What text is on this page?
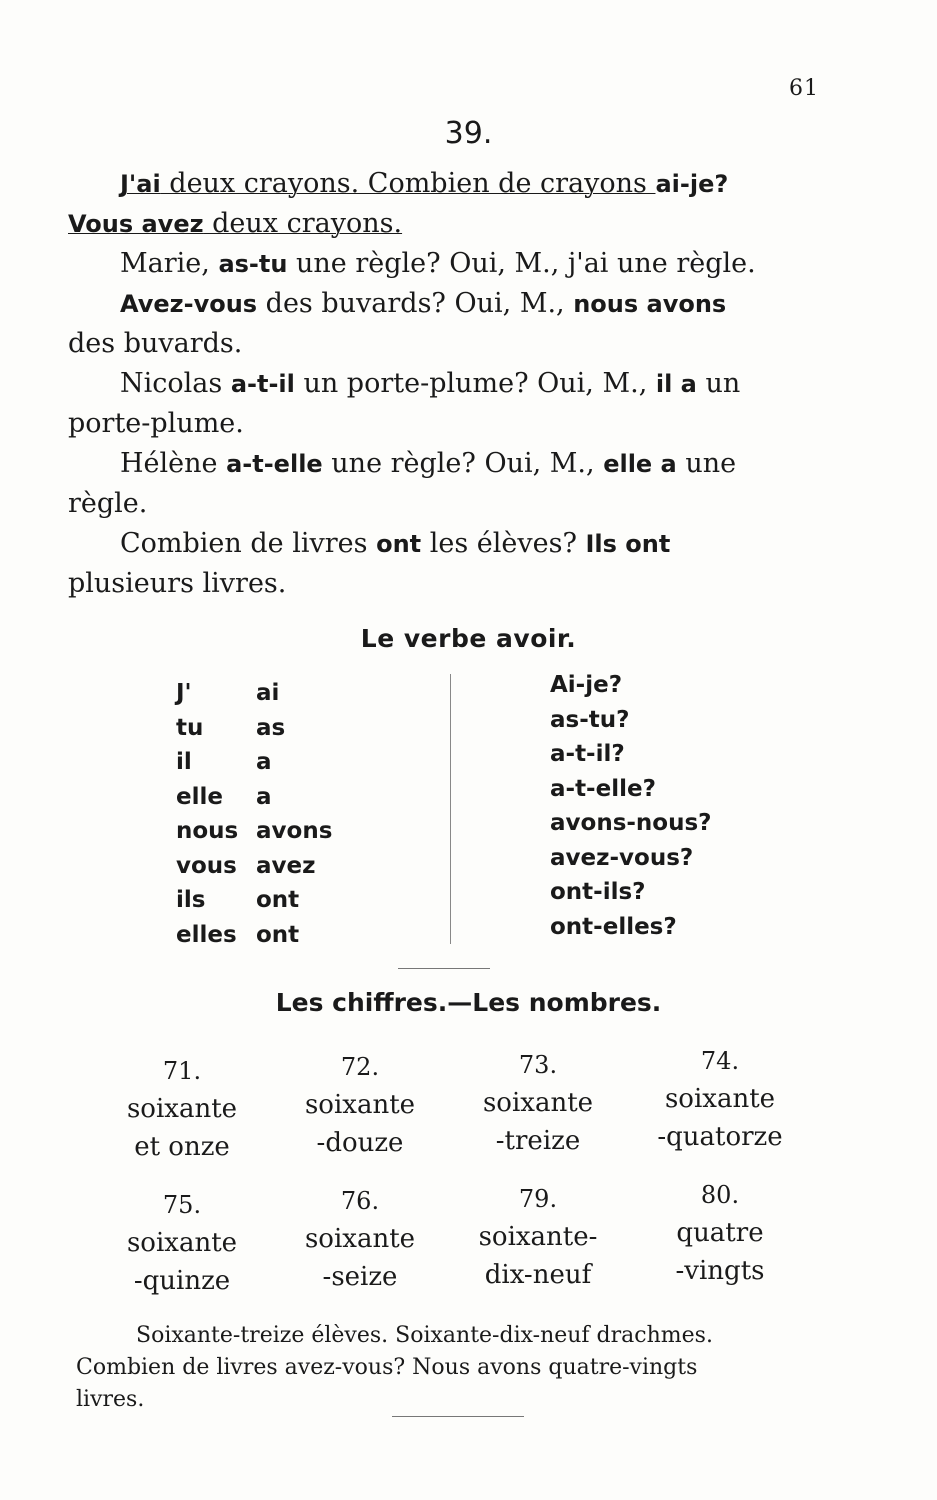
61
39.
J'ai deux crayons. Combien de crayons ai-je?
Vous avez deux crayons.
Marie, as-tu une règle? Oui, M., j'ai une règle.
Avez-vous des buvards? Oui, M., nous avons
des buvards.
Nicolas a-t-il un porte-plume? Oui, M., il a un
porte-plume.
Hélène a-t-elle une règle? Oui, M., elle a une
règle.
Combien de livres ont les élèves? Ils ont
plusieurs livres.
Le verbe avoir.
J'
tu
il
elle
nous
vous
ils
elles
ai
as
a
a
avons
avez
ont
ont
Ai-je?
as-tu?
a-t-il?
a-t-elle?
avons-nous?
avez-vous?
ont-ils?
ont-elles?
Les chiffres.—Les nombres.
71.
soixante
et onze
72.
soixante
-douze
73.
soixante
-treize
74.
soixante
-quatorze
75.
soixante
-quinze
76.
soixante
-seize
79.
soixante-
dix-neuf
80.
quatre
-vingts
Soixante-treize élèves. Soixante-dix-neuf drachmes.
Combien de livres avez-vous? Nous avons quatre-vingts
livres.
